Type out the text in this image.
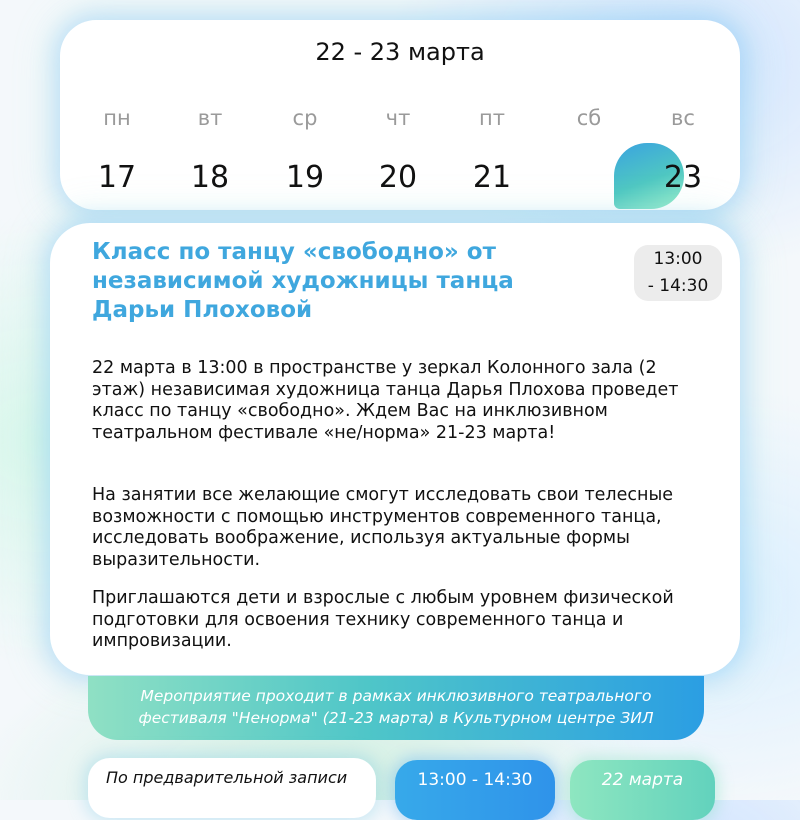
22 - 23 марта
пн	вт	ср	чт	пт	сб	вс
17	18	19	20	21	22	23
Класс по танцу «свободно» от независимой художницы танца Дарьи Плоховой
13:00
- 14:30

22 марта в 13:00 в пространстве у зеркал Колонного зала (2 этаж) независимая художница танца Дарья Плохова проведет класс по танцу «свободно». Ждем Вас на инклюзивном театральном фестивале «не/норма» 21-23 марта!

На занятии все желающие смогут исследовать свои телесные возможности с помощью инструментов современного танца, исследовать воображение, используя актуальные формы выразительности.

Приглашаются дети и взрослые с любым уровнем физической подготовки для освоения технику современного танца и импровизации.

Мероприятие проходит в рамках инклюзивного театрального
фестиваля "Ненорма" (21-23 марта) в Культурном центре ЗИЛ
По предварительной записи	13:00 - 14:30	22 марта
